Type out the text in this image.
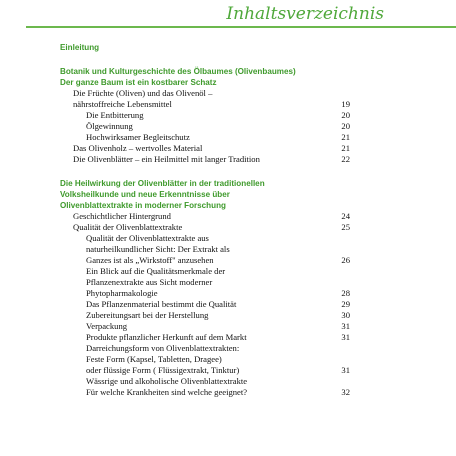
Inhaltsverzeichnis
Einleitung
Botanik und Kulturgeschichte des Ölbaumes (Olivenbaumes)
Der ganze Baum ist ein kostbarer Schatz
Die Früchte (Oliven) und das Olivenöl –
nährstoffreiche Lebensmittel	19
Die Entbitterung	20
Ölgewinnung	20
Hochwirksamer Begleitschutz	21
Das Olivenholz – wertvolles Material	21
Die Olivenblätter – ein Heilmittel mit langer Tradition	22
Die Heilwirkung der Olivenblätter in der traditionellen
Volksheilkunde und neue Erkenntnisse über
Olivenblattextrakte in moderner Forschung
Geschichtlicher Hintergrund	24
Qualität der Olivenblattextrakte	25
Qualität der Olivenblattextrakte aus
naturheilkundlicher Sicht: Der Extrakt als
Ganzes ist als „Wirkstoff" anzusehen	26
Ein Blick auf die Qualitätsmerkmale der
Pflanzenextrakte aus Sicht moderner
Phytopharmakologie	28
Das Pflanzenmaterial bestimmt die Qualität	29
Zubereitungsart bei der Herstellung	30
Verpackung	31
Produkte pflanzlicher Herkunft auf dem Markt	31
Darreichungsform von Olivenblattextrakten:
Feste Form (Kapsel, Tabletten, Dragee)
oder flüssige Form ( Flüssigextrakt, Tinktur)	31
Wässrige und alkoholische Olivenblattextrakte
Für welche Krankheiten sind welche geeignet?	32
